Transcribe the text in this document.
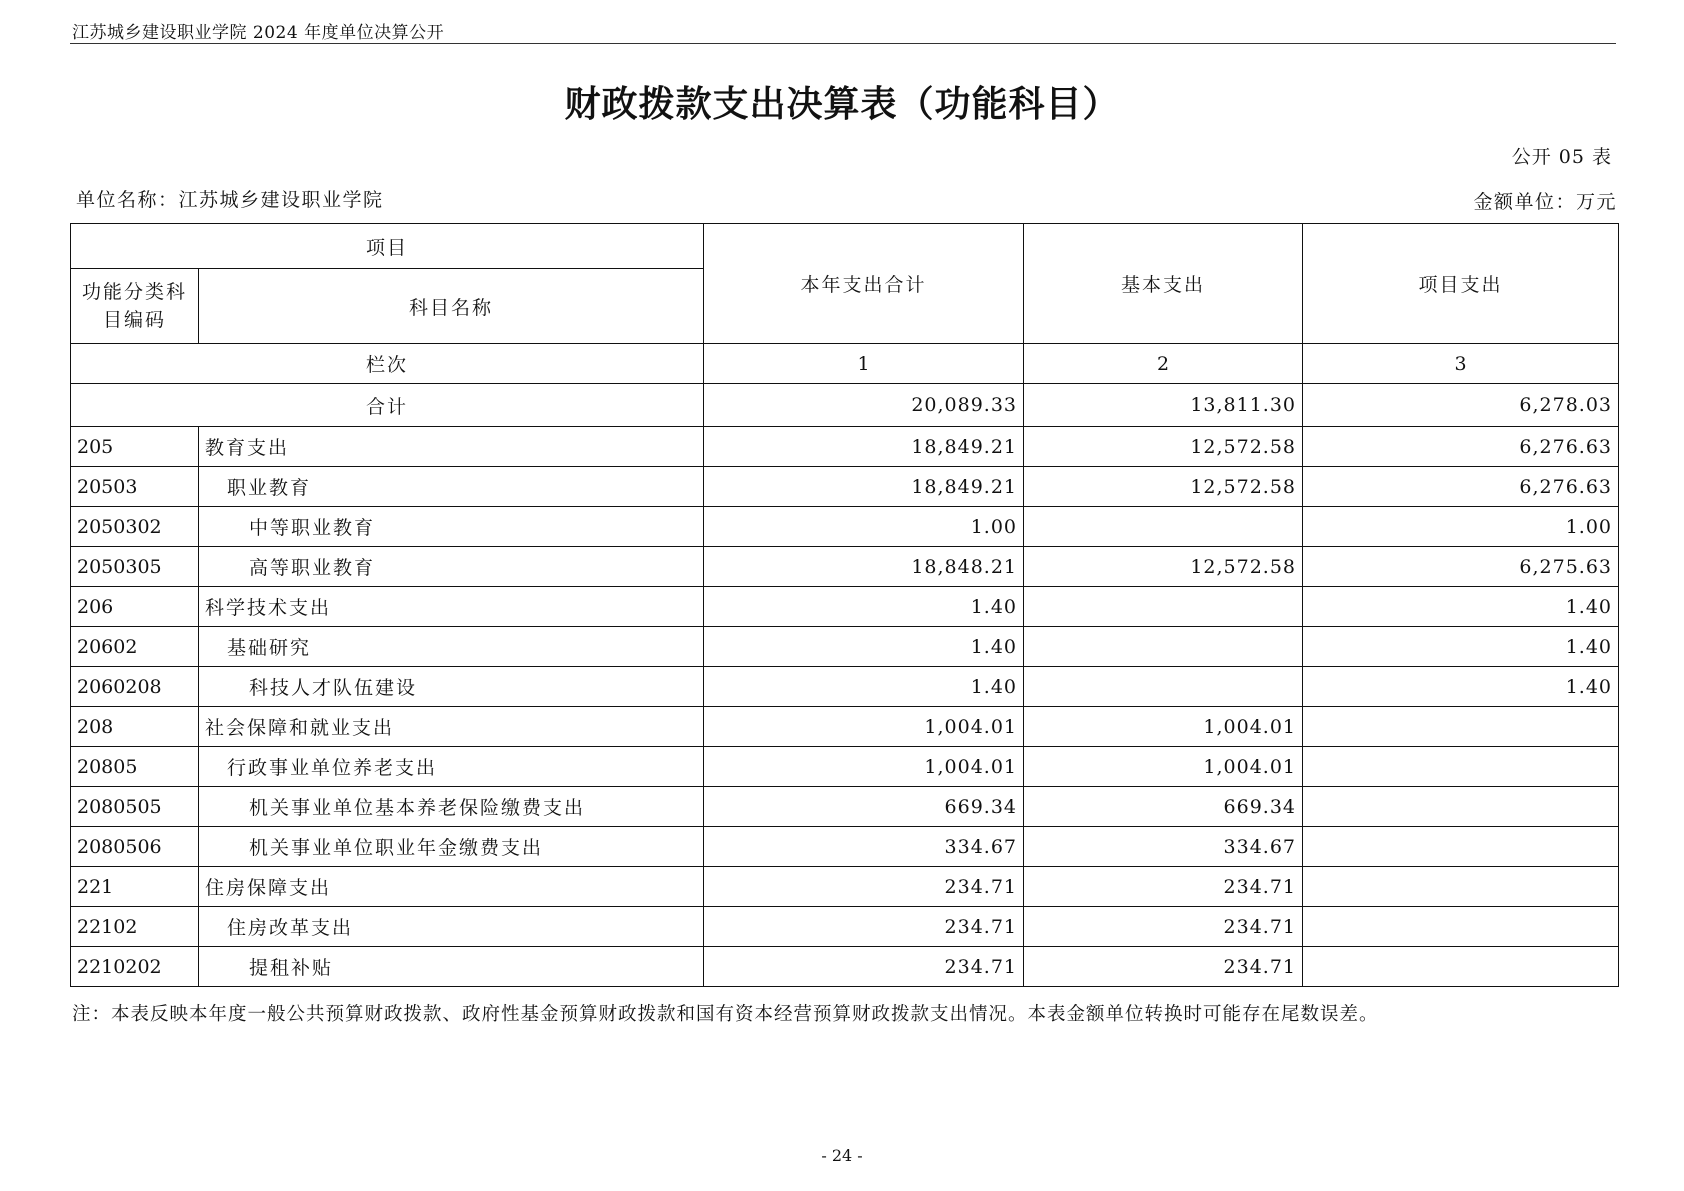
江苏城乡建设职业学院 2024 年度单位决算公开
财政拨款支出决算表（功能科目）
公开 05 表
单位名称：江苏城乡建设职业学院	金额单位：万元
项目		本年支出合计	基本支出	项目支出
功能分类科目编码	科目名称			
栏次		1	2	3
合计		20,089.33	13,811.30	6,278.03
205	教育支出	18,849.21	12,572.58	6,276.63
20503	职业教育	18,849.21	12,572.58	6,276.63
2050302	中等职业教育	1.00		1.00
2050305	高等职业教育	18,848.21	12,572.58	6,275.63
206	科学技术支出	1.40		1.40
20602	基础研究	1.40		1.40
2060208	科技人才队伍建设	1.40		1.40
208	社会保障和就业支出	1,004.01	1,004.01	
20805	行政事业单位养老支出	1,004.01	1,004.01	
2080505	机关事业单位基本养老保险缴费支出	669.34	669.34	
2080506	机关事业单位职业年金缴费支出	334.67	334.67	
221	住房保障支出	234.71	234.71	
22102	住房改革支出	234.71	234.71	
2210202	提租补贴	234.71	234.71	
注：本表反映本年度一般公共预算财政拨款、政府性基金预算财政拨款和国有资本经营预算财政拨款支出情况。本表金额单位转换时可能存在尾数误差。
- 24 -
